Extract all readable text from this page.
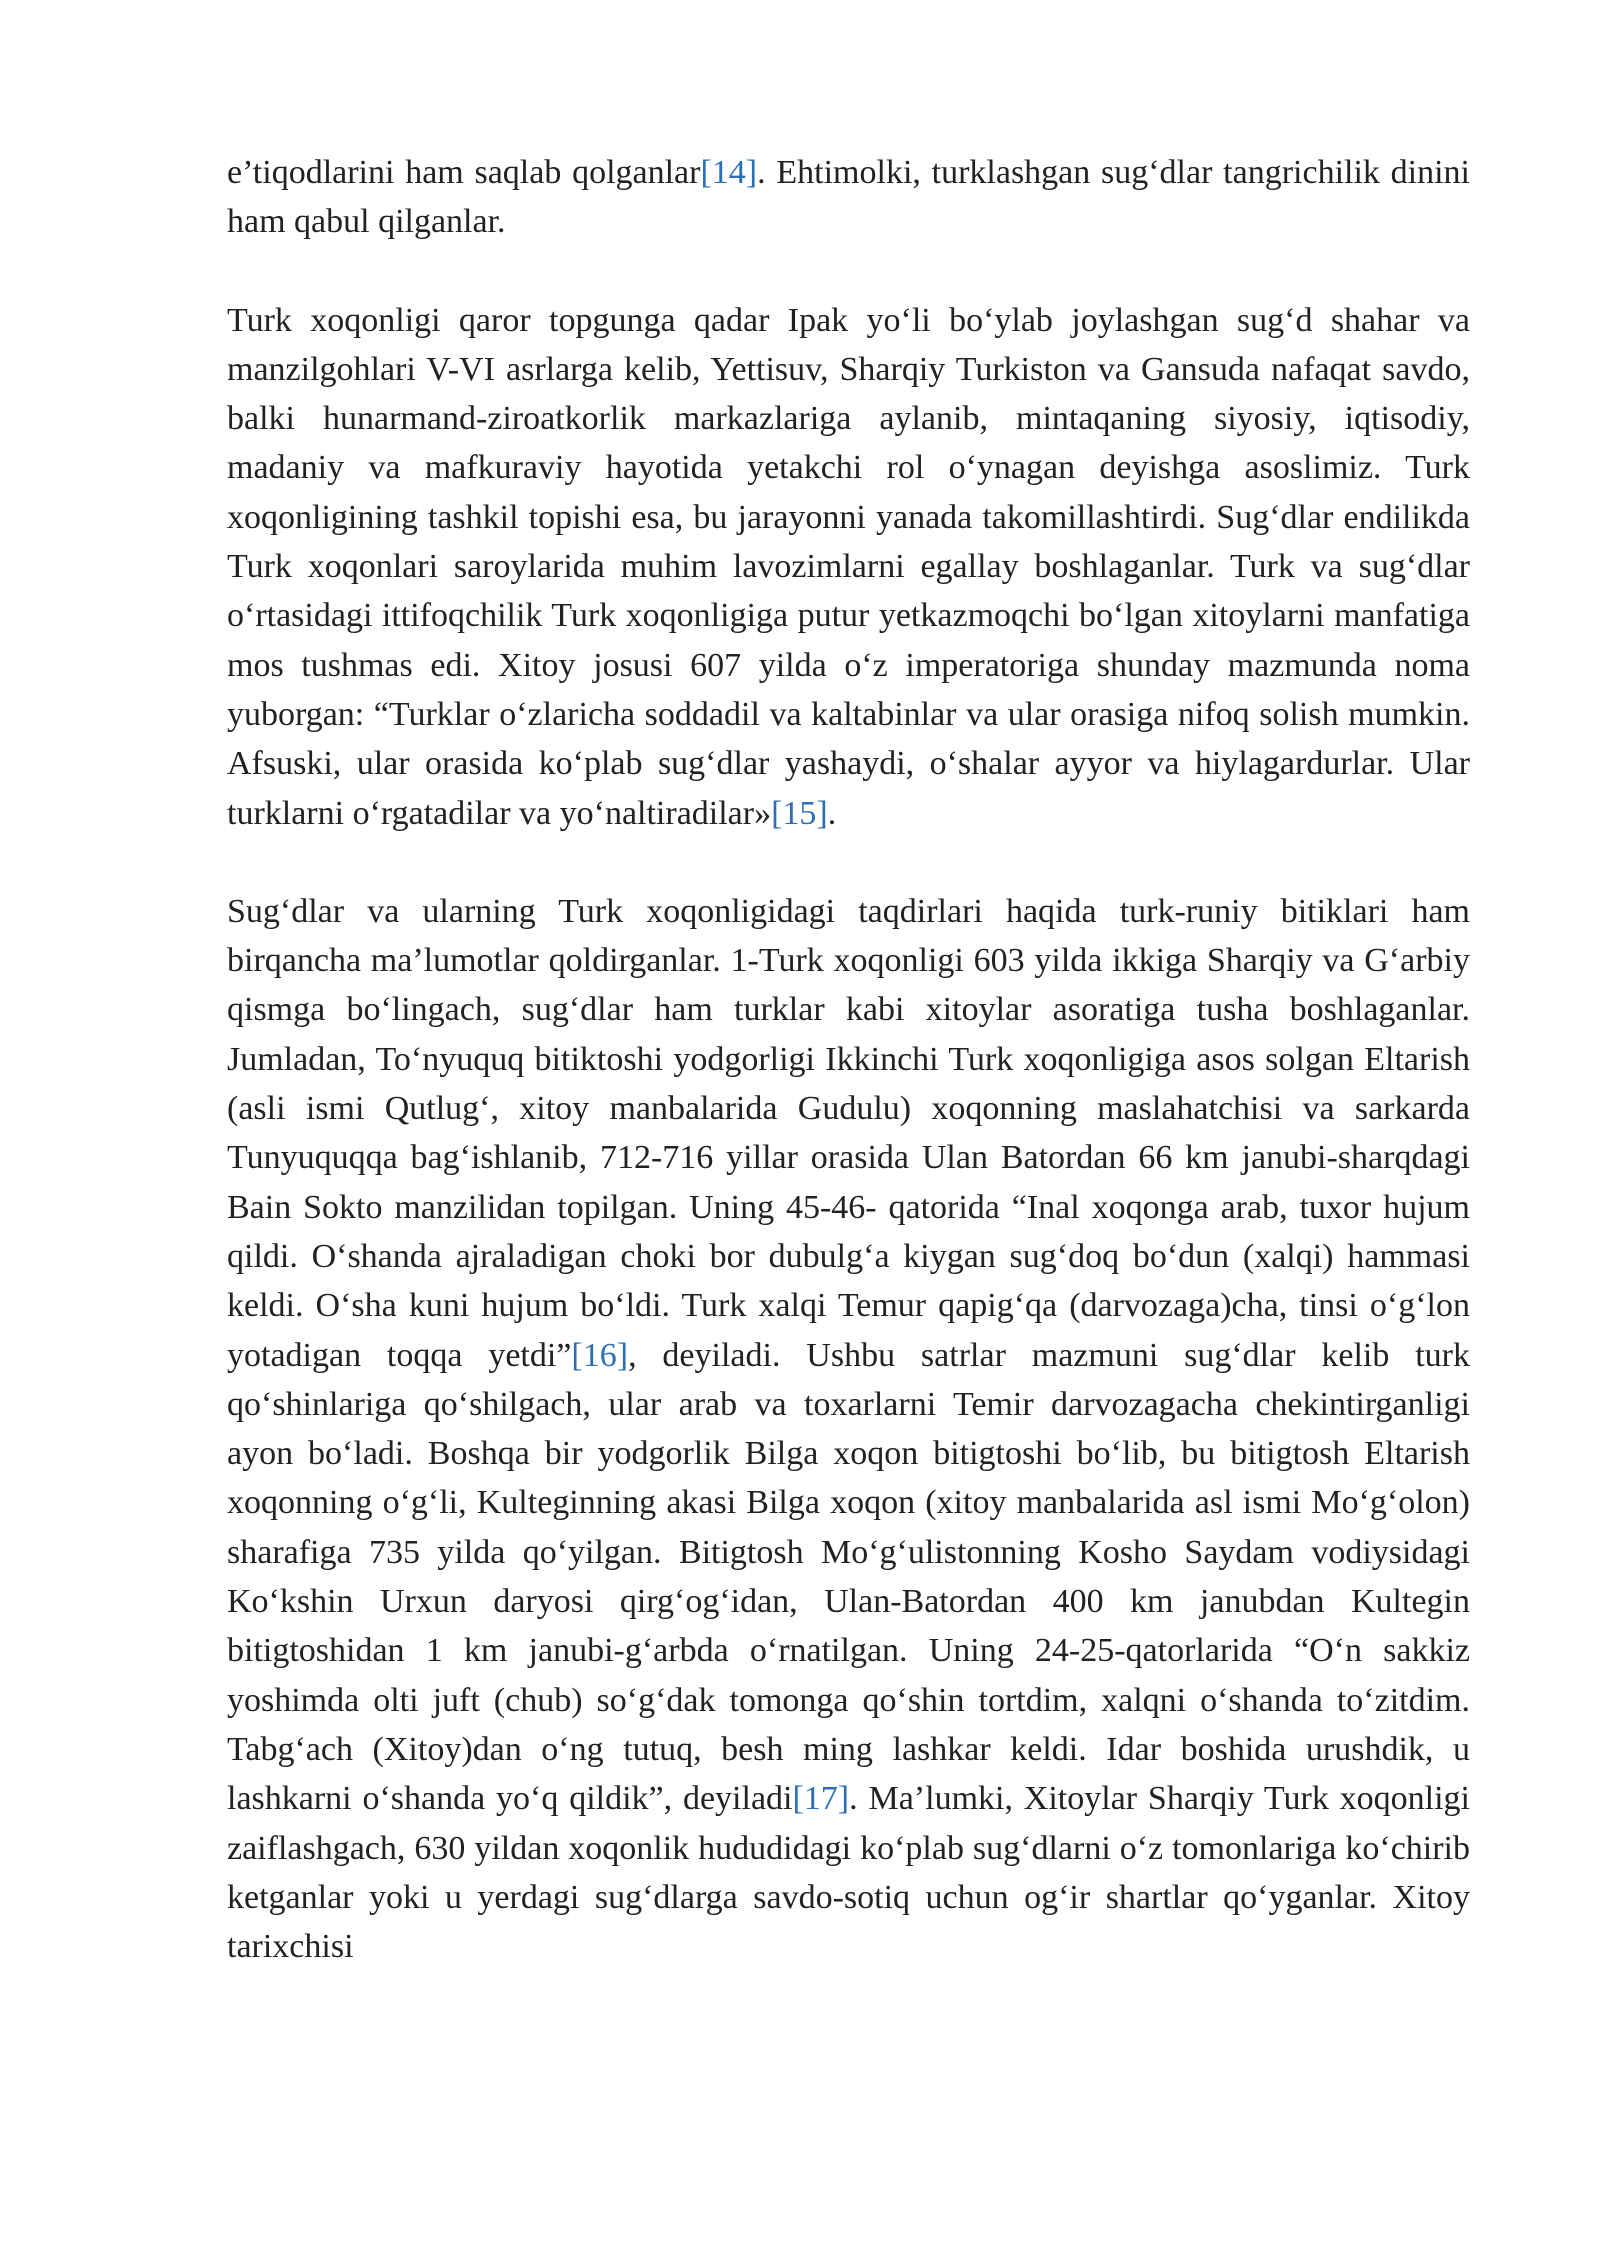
e’tiqodlarini ham saqlab qolganlar[14]. Ehtimolki, turklashgan sug‘dlar tangrichilik dinini ham qabul qilganlar.

Turk xoqonligi qaror topgunga qadar Ipak yo‘li bo‘ylab joylashgan sug‘d shahar va manzilgohlari V-VI asrlarga kelib, Yettisuv, Sharqiy Turkiston va Gansuda nafaqat savdo, balki hunarmand-ziroatkorlik markazlariga aylanib, mintaqaning siyosiy, iqtisodiy, madaniy va mafkuraviy hayotida yetakchi rol o‘ynagan deyishga asoslimiz. Turk xoqonligining tashkil topishi esa, bu jarayonni yanada takomillashtirdi. Sug‘dlar endilikda Turk xoqonlari saroylarida muhim lavozimlarni egallay boshlaganlar. Turk va sug‘dlar o‘rtasidagi ittifoqchilik Turk xoqonligiga putur yetkazmoqchi bo‘lgan xitoylarni manfatiga mos tushmas edi. Xitoy josusi 607 yilda o‘z imperatoriga shunday mazmunda noma yuborgan: “Turklar o‘zlaricha soddadil va kaltabinlar va ular orasiga nifoq solish mumkin. Afsuski, ular orasida ko‘plab sug‘dlar yashaydi, o‘shalar ayyor va hiylagardurlar. Ular turklarni o‘rgatadilar va yo‘naltiradilar»[15].

Sug‘dlar va ularning Turk xoqonligidagi taqdirlari haqida turk-runiy bitiklari ham birqancha ma’lumotlar qoldirganlar. 1-Turk xoqonligi 603 yilda ikkiga Sharqiy va G‘arbiy qismga bo‘lingach, sug‘dlar ham turklar kabi xitoylar asoratiga tusha boshlaganlar. Jumladan, To‘nyuquq bitiktoshi yodgorligi Ikkinchi Turk xoqonligiga asos solgan Eltarish (asli ismi Qutlug‘, xitoy manbalarida Gudulu) xoqonning maslahatchisi va sarkarda Tunyuquqqa bag‘ishlanib, 712-716 yillar orasida Ulan Batordan 66 km janubi-sharqdagi Bain Sokto manzilidan topilgan. Uning 45-46- qatorida “Inal xoqonga arab, tuxor hujum qildi. O‘shanda ajraladigan choki bor dubulg‘a kiygan sug‘doq bo‘dun (xalqi) hammasi keldi. O‘sha kuni hujum bo‘ldi. Turk xalqi Temur qapig‘qa (darvozaga)cha, tinsi o‘g‘lon yotadigan toqqa yetdi”[16], deyiladi. Ushbu satrlar mazmuni sug‘dlar kelib turk qo‘shinlariga qo‘shilgach, ular arab va toxarlarni Temir darvozagacha chekintirganligi ayon bo‘ladi. Boshqa bir yodgorlik Bilga xoqon bitigtoshi bo‘lib, bu bitigtosh Eltarish xoqonning o‘g‘li, Kulteginning akasi Bilga xoqon (xitoy manbalarida asl ismi Mo‘g‘olon) sharafiga 735 yilda qo‘yilgan. Bitigtosh Mo‘g‘ulistonning Kosho Saydam vodiysidagi Ko‘kshin Urxun daryosi qirg‘og‘idan, Ulan-Batordan 400 km janubdan Kultegin bitigtoshidan 1 km janubi-g‘arbda o‘rnatilgan. Uning 24-25-qatorlarida “O‘n sakkiz yoshimda olti juft (chub) so‘g‘dak tomonga qo‘shin tortdim, xalqni o‘shanda to‘zitdim. Tabg‘ach (Xitoy)dan o‘ng tutuq, besh ming lashkar keldi. Idar boshida urushdik, u lashkarni o‘shanda yo‘q qildik”, deyiladi[17]. Ma’lumki, Xitoylar Sharqiy Turk xoqonligi zaiflashgach, 630 yildan xoqonlik hududidagi ko‘plab sug‘dlarni o‘z tomonlariga ko‘chirib ketganlar yoki u yerdagi sug‘dlarga savdo-sotiq uchun og‘ir shartlar qo‘yganlar. Xitoy tarixchisi
